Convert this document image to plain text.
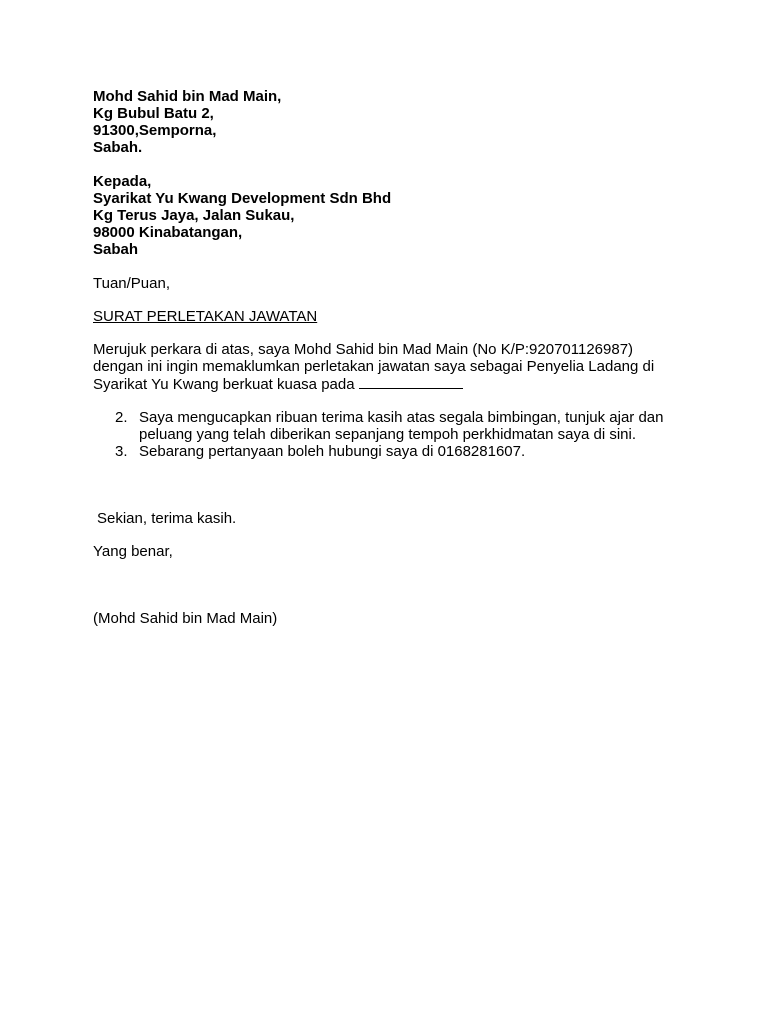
Mohd Sahid bin Mad Main,
Kg Bubul Batu 2,
91300,Semporna,
Sabah.
Kepada,
Syarikat Yu Kwang Development Sdn Bhd
Kg Terus Jaya, Jalan Sukau,
98000 Kinabatangan,
Sabah
Tuan/Puan,
SURAT PERLETAKAN JAWATAN
Merujuk perkara di atas, saya Mohd Sahid bin Mad Main (No K/P:920701126987) dengan ini ingin memaklumkan perletakan jawatan saya sebagai Penyelia Ladang di Syarikat Yu Kwang berkuat kuasa pada
2. Saya mengucapkan ribuan terima kasih atas segala bimbingan, tunjuk ajar dan peluang yang telah diberikan sepanjang tempoh perkhidmatan saya di sini.
3. Sebarang pertanyaan boleh hubungi saya di 0168281607.
Sekian, terima kasih.
Yang benar,
(Mohd Sahid bin Mad Main)
